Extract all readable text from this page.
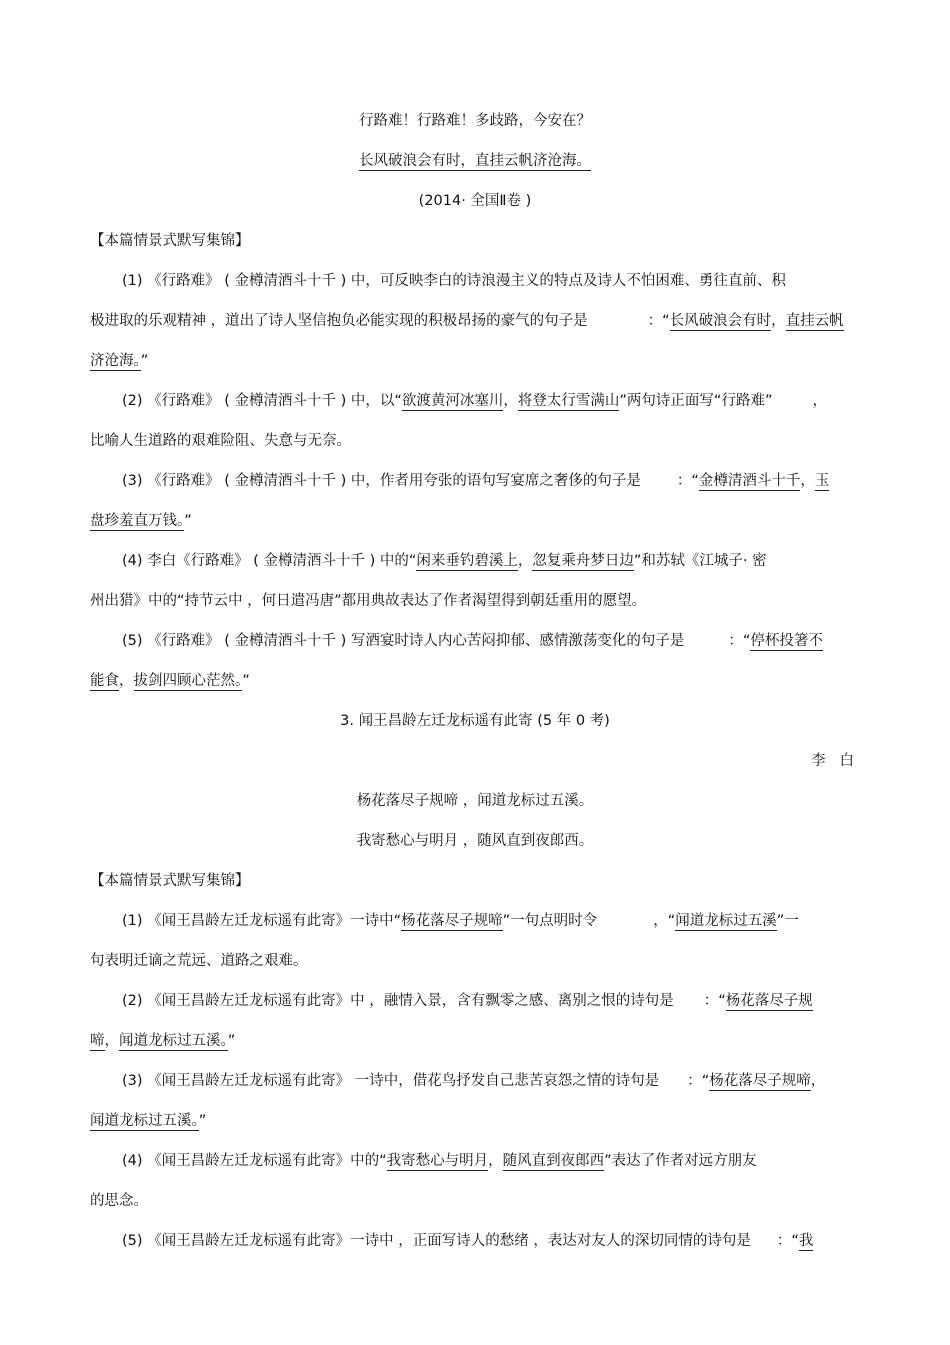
行路难！行路难！多歧路，今安在？
长风破浪会有时，直挂云帆济沧海。
(2014· 全国Ⅱ卷 )
【本篇情景式默写集锦】
(1) 《行路难》 ( 金樽清酒斗十千 ) 中，可反映李白的诗浪漫主义的特点及诗人不怕困难、勇往直前、积
极进取的乐观精神 ，道出了诗人坚信抱负必能实现的积极昂扬的豪气的句子是	：“长风破浪会有时，直挂云帆
济沧海。”
(2) 《行路难》 ( 金樽清酒斗十千 ) 中，以“欲渡黄河冰塞川，将登太行雪满山”两句诗正面写“行路难”	，
比喻人生道路的艰难险阻、失意与无奈。
(3) 《行路难》 ( 金樽清酒斗十千 ) 中，作者用夸张的语句写宴席之奢侈的句子是 ：“金樽清酒斗十千，玉
盘珍羞直万钱。”
(4) 李白《行路难》 ( 金樽清酒斗十千 ) 中的“闲来垂钓碧溪上，忽复乘舟梦日边”和苏轼《江城子· 密
州出猎》中的“持节云中 ，何日遣冯唐”都用典故表达了作者渴望得到朝廷重用的愿望。
(5) 《行路难》 ( 金樽清酒斗十千 ) 写酒宴时诗人内心苦闷抑郁、感情激荡变化的句子是	：“停杯投箸不
能食，拔剑四顾心茫然。”
3. 闻王昌龄左迁龙标遥有此寄 (5 年 0 考)
李白
杨花落尽子规啼 ，闻道龙标过五溪。
我寄愁心与明月 ，随风直到夜郎西。
【本篇情景式默写集锦】
(1) 《闻王昌龄左迁龙标遥有此寄》一诗中“杨花落尽子规啼”一句点明时令	，“闻道龙标过五溪”一
句表明迁谪之荒远、道路之艰难。
(2) 《闻王昌龄左迁龙标遥有此寄》中 ，融情入景，含有飘零之感、离别之恨的诗句是 ：“杨花落尽子规
啼，闻道龙标过五溪。”
(3) 《闻王昌龄左迁龙标遥有此寄》 一诗中，借花鸟抒发自己悲苦哀怨之情的诗句是 ：“杨花落尽子规啼，
闻道龙标过五溪。”
(4) 《闻王昌龄左迁龙标遥有此寄》中的“我寄愁心与明月，随风直到夜郎西”表达了作者对远方朋友
的思念。
(5) 《闻王昌龄左迁龙标遥有此寄》一诗中 ，正面写诗人的愁绪 ，表达对友人的深切同情的诗句是 ：“我
